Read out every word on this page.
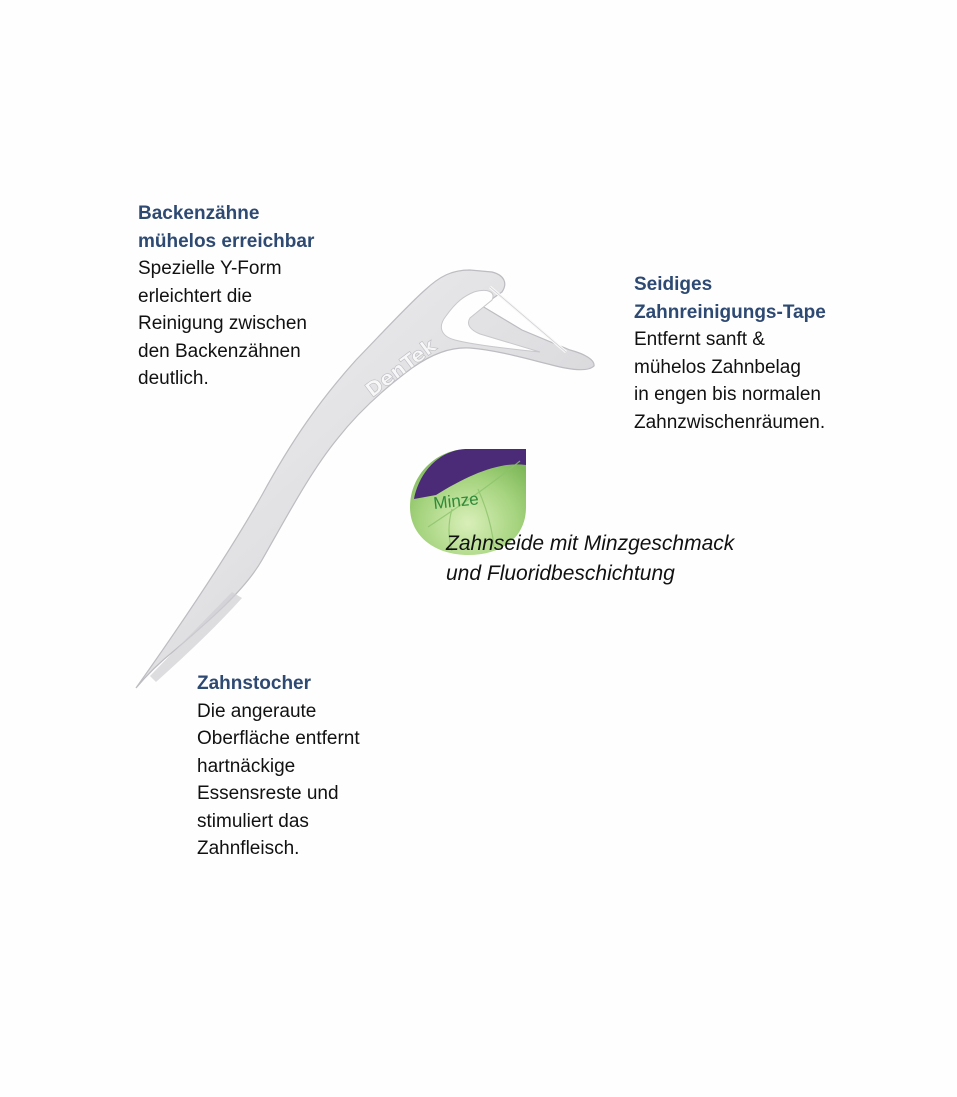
DenTek
Minze
Backenzähne
mühelos erreichbar
Spezielle Y-Form
erleichtert die
Reinigung zwischen
den Backenzähnen
deutlich.
Seidiges
Zahnreinigungs-Tape
Entfernt sanft &
mühelos Zahnbelag
in engen bis normalen
Zahnzwischenräumen.
Zahnseide mit Minzgeschmack
und Fluoridbeschichtung
Zahnstocher
Die angeraute
Oberfläche entfernt
hartnäckige
Essensreste und
stimuliert das
Zahnfleisch.
